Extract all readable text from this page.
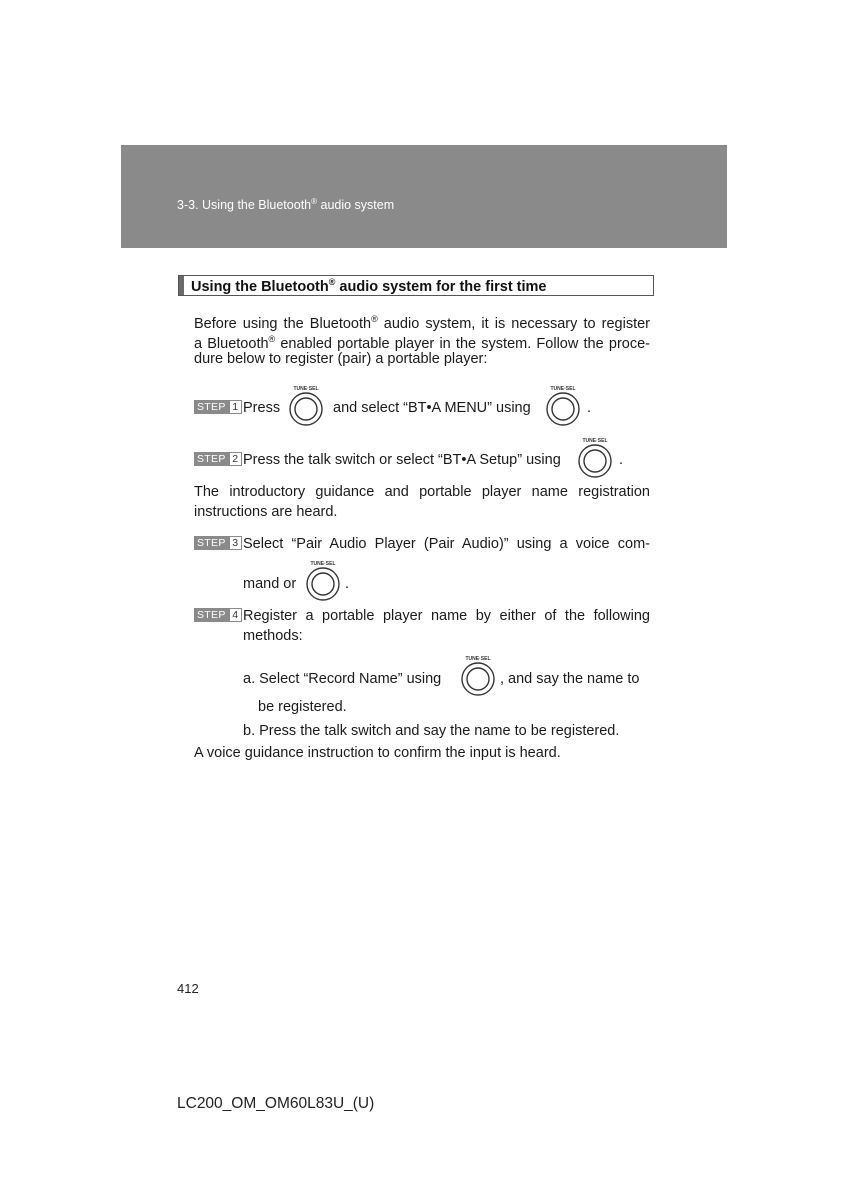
3-3. Using the Bluetooth® audio system
Using the Bluetooth® audio system for the first time
Before using the Bluetooth® audio system, it is necessary to register
a Bluetooth® enabled portable player in the system. Follow the proce-
dure below to register (pair) a portable player:
STEP 1 Press
TUNE·SEL
and select “BT•A MENU” using
TUNE·SEL
.
STEP 2 Press the talk switch or select “BT•A Setup” using
TUNE·SEL
.
The introductory guidance and portable player name registration
instructions are heard.
STEP 3 Select “Pair Audio Player (Pair Audio)” using a voice com-
mand or
TUNE·SEL
.
STEP 4 Register a portable player name by either of the following
methods:
a. Select “Record Name” using
TUNE·SEL
, and say the name to
be registered.
b. Press the talk switch and say the name to be registered.
A voice guidance instruction to confirm the input is heard.
412
LC200_OM_OM60L83U_(U)
